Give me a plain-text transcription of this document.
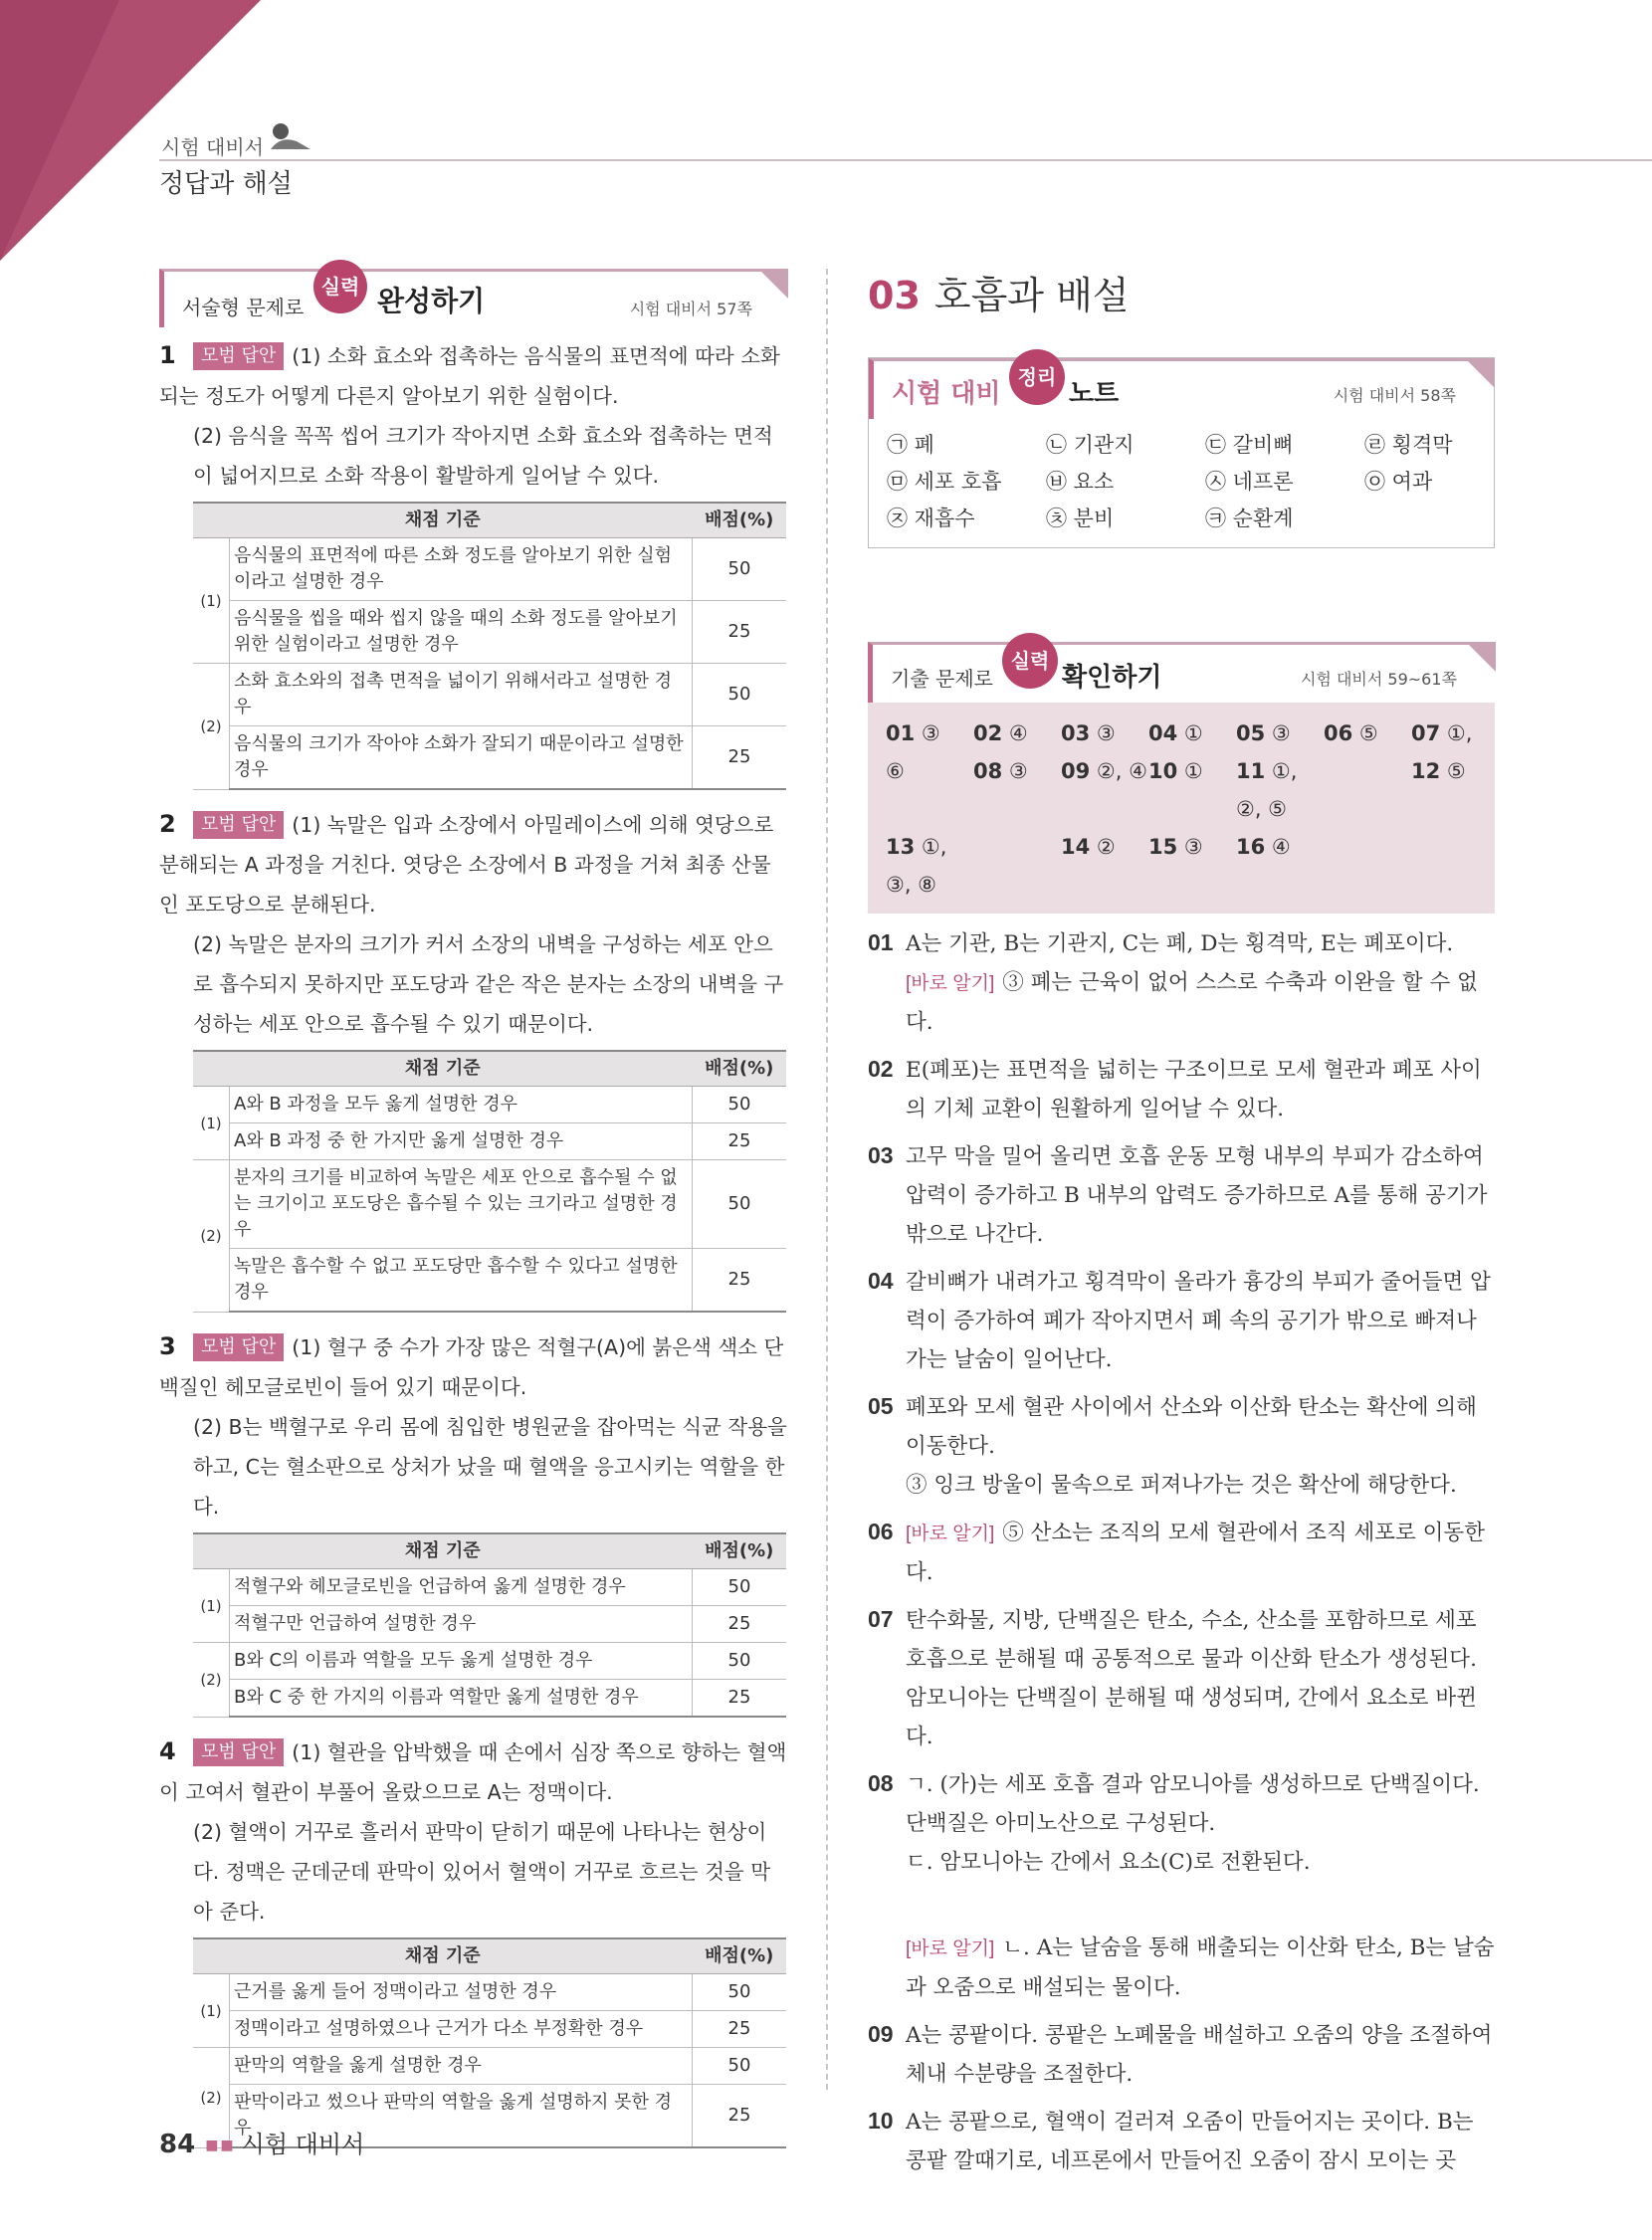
시험 대비서
정답과 해설
서술형 문제로
실력 완성하기	시험 대비서 57쪽
1 모범 답안 (1) 소화 효소와 접촉하는 음식물의 표면적에 따라 소화되는 정도가 어떻게 다른지 알아보기 위한 실험이다.
(2) 음식을 꼭꼭 씹어 크기가 작아지면 소화 효소와 접촉하는 면적이 넓어지므로 소화 작용이 활발하게 일어날 수 있다.
채점 기준		배점(%)
(1)	음식물의 표면적에 따른 소화 정도를 알아보기 위한 실험이라고 설명한 경우	50
	음식물을 씹을 때와 씹지 않을 때의 소화 정도를 알아보기 위한 실험이라고 설명한 경우	25
(2)	소화 효소와의 접촉 면적을 넓이기 위해서라고 설명한 경우	50
	음식물의 크기가 작아야 소화가 잘되기 때문이라고 설명한 경우	25
2 모범 답안 (1) 녹말은 입과 소장에서 아밀레이스에 의해 엿당으로 분해되는 A 과정을 거친다. 엿당은 소장에서 B 과정을 거쳐 최종 산물인 포도당으로 분해된다.
(2) 녹말은 분자의 크기가 커서 소장의 내벽을 구성하는 세포 안으로 흡수되지 못하지만 포도당과 같은 작은 분자는 소장의 내벽을 구성하는 세포 안으로 흡수될 수 있기 때문이다.
채점 기준		배점(%)
(1)	A와 B 과정을 모두 옳게 설명한 경우	50
	A와 B 과정 중 한 가지만 옳게 설명한 경우	25
(2)	분자의 크기를 비교하여 녹말은 세포 안으로 흡수될 수 없는 크기이고 포도당은 흡수될 수 있는 크기라고 설명한 경우	50
	녹말은 흡수할 수 없고 포도당만 흡수할 수 있다고 설명한 경우	25
3 모범 답안 (1) 혈구 중 수가 가장 많은 적혈구(A)에 붉은색 색소 단백질인 헤모글로빈이 들어 있기 때문이다.
(2) B는 백혈구로 우리 몸에 침입한 병원균을 잡아먹는 식균 작용을 하고, C는 혈소판으로 상처가 났을 때 혈액을 응고시키는 역할을 한다.
채점 기준		배점(%)
(1)	적혈구와 헤모글로빈을 언급하여 옳게 설명한 경우	50
	적혈구만 언급하여 설명한 경우	25
(2)	B와 C의 이름과 역할을 모두 옳게 설명한 경우	50
	B와 C 중 한 가지의 이름과 역할만 옳게 설명한 경우	25
4 모범 답안 (1) 혈관을 압박했을 때 손에서 심장 쪽으로 향하는 혈액이 고여서 혈관이 부풀어 올랐으므로 A는 정맥이다.
(2) 혈액이 거꾸로 흘러서 판막이 닫히기 때문에 나타나는 현상이다. 정맥은 군데군데 판막이 있어서 혈액이 거꾸로 흐르는 것을 막아 준다.
채점 기준		배점(%)
(1)	근거를 옳게 들어 정맥이라고 설명한 경우	50
	정맥이라고 설명하였으나 근거가 다소 부정확한 경우	25
(2)	판막의 역할을 옳게 설명한 경우	50
	판막이라고 썼으나 판막의 역할을 옳게 설명하지 못한 경우	25
03 호흡과 배설
시험 대비
정리
노트	시험 대비서 58쪽
㉠ 폐	㉡ 기관지	㉢ 갈비뼈	㉣ 횡격막
㉤ 세포 호흡	㉥ 요소	㉦ 네프론	㉧ 여과
㉨ 재흡수	㉩ 분비	㉪ 순환계
기출 문제로
실력
확인하기	시험 대비서 59~61쪽
01 ③	02 ④	03 ③	04 ①	05 ③	06 ⑤	07 ①,
⑥	08 ③	09 ②, ④ 10 ①	11 ①, ②, ⑤
12 ⑤
13 ①, ③, ⑧
14 ②	15 ③	16 ④
01 A는 기관, B는 기관지, C는 폐, D는 횡격막, E는 폐포이다.
[바로 알기] ③ 폐는 근육이 없어 스스로 수축과 이완을 할 수 없다.
02 E(폐포)는 표면적을 넓히는 구조이므로 모세 혈관과 폐포 사이의 기체 교환이 원활하게 일어날 수 있다.
03 고무 막을 밀어 올리면 호흡 운동 모형 내부의 부피가 감소하여 압력이 증가하고 B 내부의 압력도 증가하므로 A를 통해 공기가 밖으로 나간다.
04 갈비뼈가 내려가고 횡격막이 올라가 흉강의 부피가 줄어들면 압력이 증가하여 폐가 작아지면서 폐 속의 공기가 밖으로 빠져나가는 날숨이 일어난다.
05 폐포와 모세 혈관 사이에서 산소와 이산화 탄소는 확산에 의해 이동한다.
③ 잉크 방울이 물속으로 퍼져나가는 것은 확산에 해당한다.
06 [바로 알기] ⑤ 산소는 조직의 모세 혈관에서 조직 세포로 이동한다.
07 탄수화물, 지방, 단백질은 탄소, 수소, 산소를 포함하므로 세포 호흡으로 분해될 때 공통적으로 물과 이산화 탄소가 생성된다. 암모니아는 단백질이 분해될 때 생성되며, 간에서 요소로 바뀐다.
08 ㄱ. (가)는 세포 호흡 결과 암모니아를 생성하므로 단백질이다. 단백질은 아미노산으로 구성된다.
ㄷ. 암모니아는 간에서 요소(C)로 전환된다.
[바로 알기] ㄴ. A는 날숨을 통해 배출되는 이산화 탄소, B는 날숨과 오줌으로 배설되는 물이다.
09 A는 콩팥이다. 콩팥은 노폐물을 배설하고 오줌의 양을 조절하여 체내 수분량을 조절한다.
10 A는 콩팥으로, 혈액이 걸러져 오줌이 만들어지는 곳이다. B는 콩팥 깔때기로, 네프론에서 만들어진 오줌이 잠시 모이는 곳
84 ■■ 시험 대비서
